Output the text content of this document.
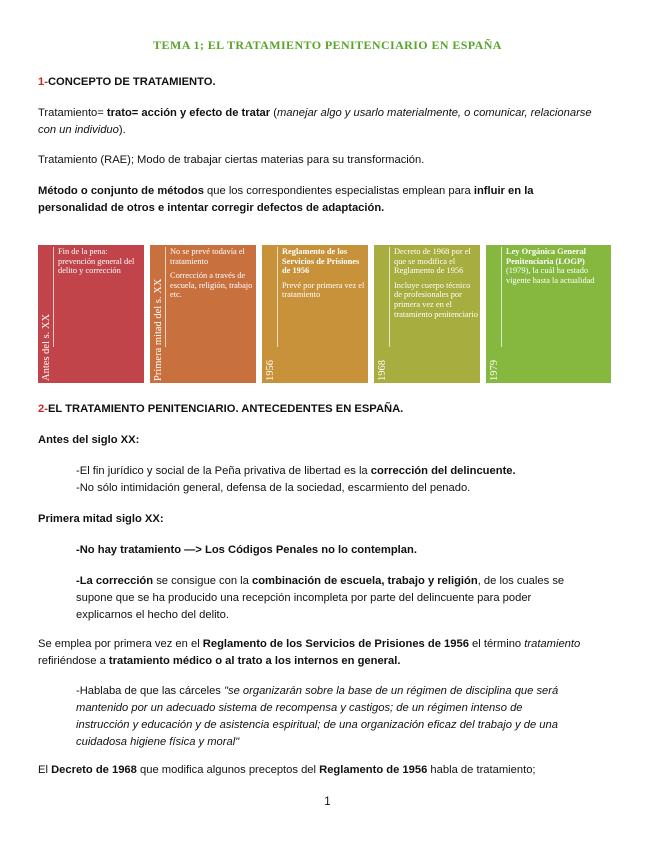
TEMA 1; EL TRATAMIENTO PENITENCIARIO EN ESPAÑA
1-CONCEPTO DE TRATAMIENTO.
Tratamiento= trato= acción y efecto de tratar (manejar algo y usarlo materialmente, o comunicar, relacionarse con un individuo).
Tratamiento (RAE); Modo de trabajar ciertas materias para su transformación.
Método o conjunto de métodos que los correspondientes especialistas emplean para influir en la personalidad de otros e intentar corregir defectos de adaptación.
Antes del s. XX

Fin de la pena: prevención general del delito y corrección

Primera mitad del s. XX

No se prevé todavía el tratamiento

Corrección a través de escuela, religión, trabajo etc.

1956

Reglamento de los Servicios de Prisiones de 1956

Prevé por primera vez el tratamiento

1968

Decreto de 1968 por el que se modifica el Reglamento de 1956

Incluye cuerpo técnico de profesionales por primera vez en el tratamiento penitenciario

1979

Ley Orgánica General Penitenciaria (LOGP) (1979), la cuál ha estado vigente hasta la actualidad

2-EL TRATAMIENTO PENITENCIARIO. ANTECEDENTES EN ESPAÑA.
Antes del siglo XX:
-El fin jurídico y social de la Peña privativa de libertad es la corrección del delincuente.
-No sólo intimidación general, defensa de la sociedad, escarmiento del penado.
Primera mitad siglo XX:
-No hay tratamiento —> Los Códigos Penales no lo contemplan.
-La corrección se consigue con la combinación de escuela, trabajo y religión, de los cuales se supone que se ha producido una recepción incompleta por parte del delincuente para poder explicarnos el hecho del delito.
Se emplea por primera vez en el Reglamento de los Servicios de Prisiones de 1956 el término tratamiento refiriéndose a tratamiento médico o al trato a los internos en general.
-Hablaba de que las cárceles "se organizarán sobre la base de un régimen de disciplina que será mantenido por un adecuado sistema de recompensa y castigos; de un régimen intenso de instrucción y educación y de asistencia espiritual; de una organización eficaz del trabajo y de una cuidadosa higiene física y moral"
El Decreto de 1968 que modifica algunos preceptos del Reglamento de 1956 habla de tratamiento;
1
